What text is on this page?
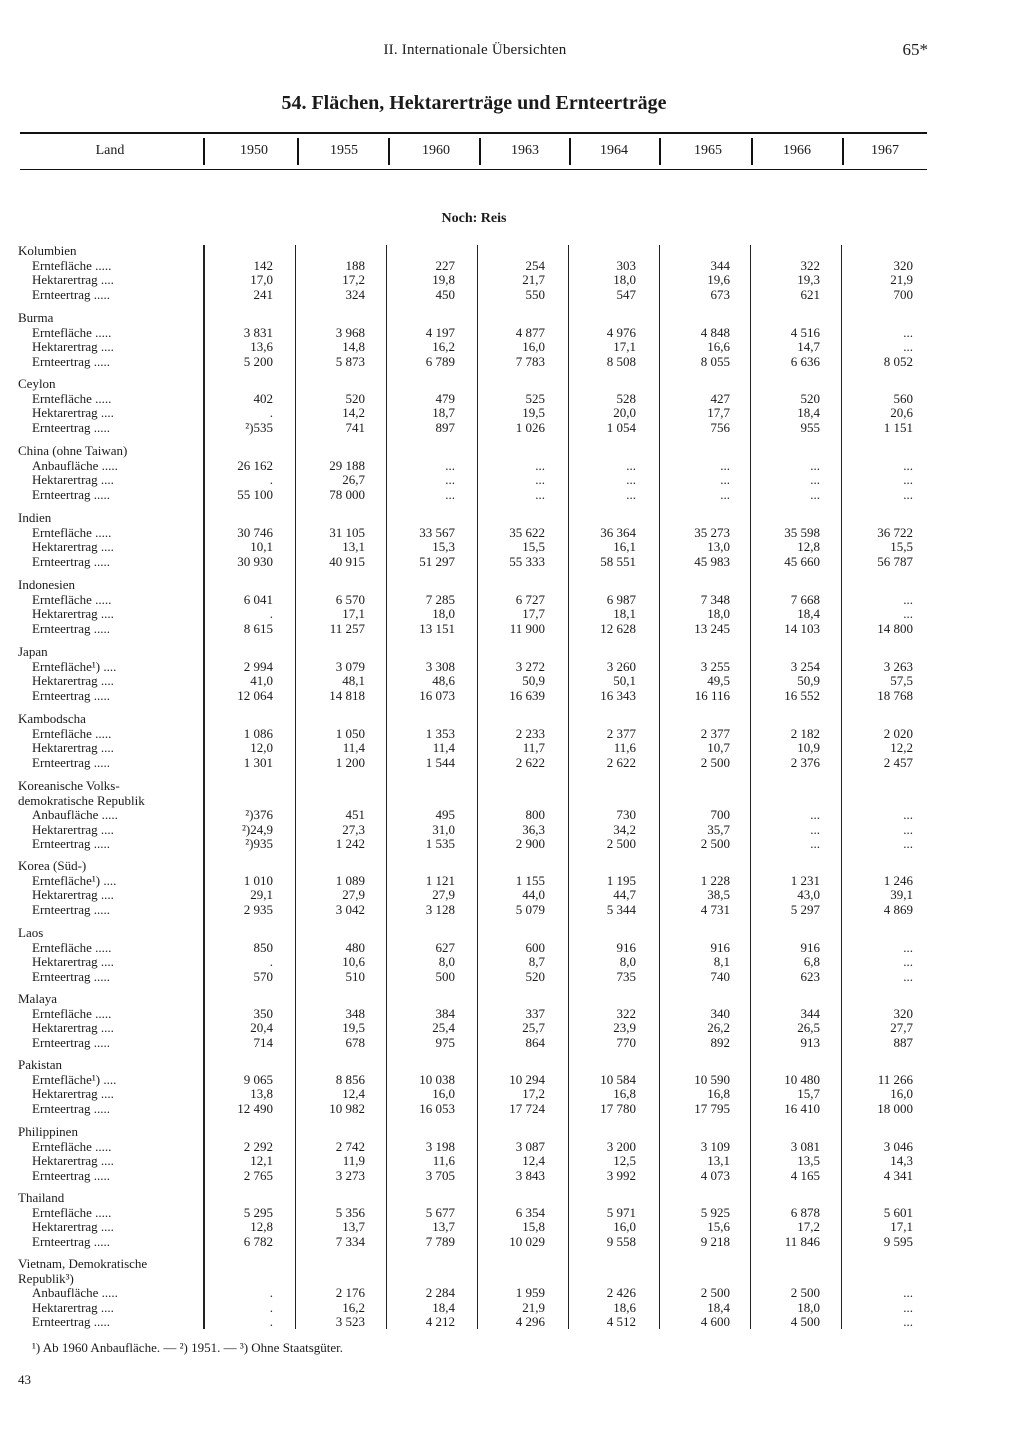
II. Internationale Übersichten	65*
54. Flächen, Hektarerträge und Ernteerträge
Land	1950	1955	1960	1963	1964	1965	1966	1967
Noch: Reis
Kolumbien
Erntefläche .....	142	188	227	254	303	344	322	320
Hektarertrag ....	17,0	17,2	19,8	21,7	18,0	19,6	19,3	21,9
Ernteertrag .....	241	324	450	550	547	673	621	700
Burma
Erntefläche .....	3 831	3 968	4 197	4 877	4 976	4 848	4 516	...
Hektarertrag ....	13,6	14,8	16,2	16,0	17,1	16,6	14,7	...
Ernteertrag .....	5 200	5 873	6 789	7 783	8 508	8 055	6 636	8 052
Ceylon
Erntefläche .....	402	520	479	525	528	427	520	560
Hektarertrag ....	.	14,2	18,7	19,5	20,0	17,7	18,4	20,6
Ernteertrag .....	²)535	741	897	1 026	1 054	756	955	1 151
China (ohne Taiwan)
Anbaufläche .....	26 162	29 188	...	...	...	...	...	...
Hektarertrag ....	.	26,7	...	...	...	...	...	...
Ernteertrag .....	55 100	78 000	...	...	...	...	...	...
Indien
Erntefläche .....	30 746	31 105	33 567	35 622	36 364	35 273	35 598	36 722
Hektarertrag ....	10,1	13,1	15,3	15,5	16,1	13,0	12,8	15,5
Ernteertrag .....	30 930	40 915	51 297	55 333	58 551	45 983	45 660	56 787
Indonesien
Erntefläche .....	6 041	6 570	7 285	6 727	6 987	7 348	7 668	...
Hektarertrag ....	.	17,1	18,0	17,7	18,1	18,0	18,4	...
Ernteertrag .....	8 615	11 257	13 151	11 900	12 628	13 245	14 103	14 800
Japan
Erntefläche¹) ....	2 994	3 079	3 308	3 272	3 260	3 255	3 254	3 263
Hektarertrag ....	41,0	48,1	48,6	50,9	50,1	49,5	50,9	57,5
Ernteertrag .....	12 064	14 818	16 073	16 639	16 343	16 116	16 552	18 768
Kambodscha
Erntefläche .....	1 086	1 050	1 353	2 233	2 377	2 377	2 182	2 020
Hektarertrag ....	12,0	11,4	11,4	11,7	11,6	10,7	10,9	12,2
Ernteertrag .....	1 301	1 200	1 544	2 622	2 622	2 500	2 376	2 457
Koreanische Volks-
demokratische Republik
Anbaufläche .....	²)376	451	495	800	730	700	...	...
Hektarertrag ....	²)24,9	27,3	31,0	36,3	34,2	35,7	...	...
Ernteertrag .....	²)935	1 242	1 535	2 900	2 500	2 500	...	...
Korea (Süd-)
Erntefläche¹) ....	1 010	1 089	1 121	1 155	1 195	1 228	1 231	1 246
Hektarertrag ....	29,1	27,9	27,9	44,0	44,7	38,5	43,0	39,1
Ernteertrag .....	2 935	3 042	3 128	5 079	5 344	4 731	5 297	4 869
Laos
Erntefläche .....	850	480	627	600	916	916	916	...
Hektarertrag ....	.	10,6	8,0	8,7	8,0	8,1	6,8	...
Ernteertrag .....	570	510	500	520	735	740	623	...
Malaya
Erntefläche .....	350	348	384	337	322	340	344	320
Hektarertrag ....	20,4	19,5	25,4	25,7	23,9	26,2	26,5	27,7
Ernteertrag .....	714	678	975	864	770	892	913	887
Pakistan
Erntefläche¹) ....	9 065	8 856	10 038	10 294	10 584	10 590	10 480	11 266
Hektarertrag ....	13,8	12,4	16,0	17,2	16,8	16,8	15,7	16,0
Ernteertrag .....	12 490	10 982	16 053	17 724	17 780	17 795	16 410	18 000
Philippinen
Erntefläche .....	2 292	2 742	3 198	3 087	3 200	3 109	3 081	3 046
Hektarertrag ....	12,1	11,9	11,6	12,4	12,5	13,1	13,5	14,3
Ernteertrag .....	2 765	3 273	3 705	3 843	3 992	4 073	4 165	4 341
Thailand
Erntefläche .....	5 295	5 356	5 677	6 354	5 971	5 925	6 878	5 601
Hektarertrag ....	12,8	13,7	13,7	15,8	16,0	15,6	17,2	17,1
Ernteertrag .....	6 782	7 334	7 789	10 029	9 558	9 218	11 846	9 595
Vietnam, Demokratische
Republik³)
Anbaufläche .....	.	2 176	2 284	1 959	2 426	2 500	2 500	...
Hektarertrag ....	.	16,2	18,4	21,9	18,6	18,4	18,0	...
Ernteertrag .....	.	3 523	4 212	4 296	4 512	4 600	4 500	...
¹) Ab 1960 Anbaufläche. — ²) 1951. — ³) Ohne Staatsgüter.
43
